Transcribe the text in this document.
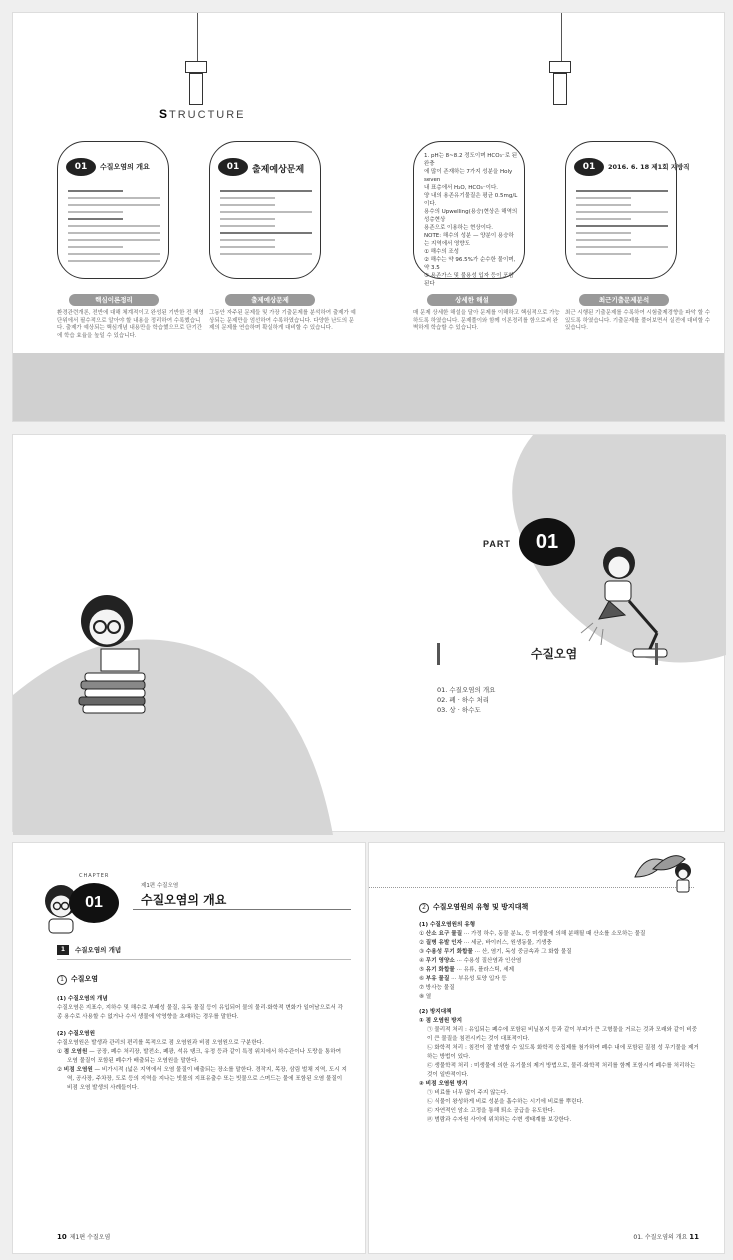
STRUCTURE
01	수질오염의 개요
핵심이론정리
환경관련개론, 전반에 대해 체계적이고 완성된 기반한 전 체영 단위에서 필수적으로 알아야 할 내용을 정리하여 수록했습니다. 출제가 예상되는 핵심개념 내용만을 학습했으므로 단기간에 학습 효율을 높일 수 있습니다.
01	출제예상문제
출제예상문제
그동안 자주된 문제들 및 가장 기출문제를 분석하여 출제가 예상되는 문제만을 엄선하여 수록하였습니다. 다양한 난도의 문제의 문제를 연습하며 확실하게 대비할 수 있습니다.
1. pH는 8~8.2 정도이며 HCO₃⁻로 된 완충
에 많이 존재하는 7가지 성분을 Holy seven
내 표층에서 H₂O, HCO₃⁻이다.
양 내의 용존유기물질은 평균 0.5mg/L이다.
용수의 Upwelling(용승)현상은 해역의 성층현상
용존으로 이용하는 현상이다.
NOTE: 해수의 성분 — 양분이 용승하는 지역에서 영향도
① 해수의 조성
② 해수는 약 96.5%가 순수한 물이며, 약 3.5
③ 용존가스 및 불용성 입자 등이 포함된다
상세한 해설
매 문제 상세한 해설을 달아 문제를 이해하고 핵심적으로 가능하도록 하였습니다. 문제풀이와 함께 이론정리를 함으로써 완벽하게 학습할 수 있습니다.
01	2016. 6. 18 제1회 지방직
최근기출문제분석
최근 시행된 기출문제를 수록하여 시험출제경향을 파악 할 수 있도록 하였습니다. 기출문제를 풀어보면서 실전에 대비할 수 있습니다.
PART	01
수질오염
01. 수질오염의 개요
02. 폐 · 하수 처리
03. 상 · 하수도
CHAPTER
01
제1편 수질오염
수질오염의 개요
1	수질오염의 개념
1 수질오염
(1) 수질오염의 개념
수질오염은 지표수, 지하수 및 해수로 부패성 물질, 유독 물질 등이 유입되어 물의 물리·화학적 변화가 일어남으로서 각종 용수로 사용할 수 없거나 수서 생물에 악영향을 초래하는 경우를 말한다.
(2) 수질오염원
수질오염원은 발생과 관리의 편리를 목적으로 점 오염원과 비점 오염원으로 구분한다.
① 점 오염원 — 공장, 폐수 처리장, 발전소, 폐광, 석유 탱크, 유정 등과 같이 특정 위치에서 하수관이나 도랑을 통하여 오염 물질이 포함된 폐수가 배출되는 오염원을 말한다.
② 비점 오염원 — 비가시적 (넓은 지역에서 오염 물질이 배출되는 장소를 말한다. 경작지, 목장, 삼림 벌채 지역, 도시 지역, 공사장, 주차장, 도로 등의 지역을 지나는 빗물의 지표유출수 또는 빗물으로 스며드는 물에 포함된 오염 물질이 비점 오염 발생의 사례들이다.
10 제1편 수질오염
2 수질오염원의 유형 및 방지대책
(1) 수질오염원의 유형
① 산소 요구 물질 ··· 가정 하수, 동물 분뇨, 등 미생물에 의해 분해될 때 산소를 소모하는 물질
② 질병 유발 인자 ··· 세균, 바이러스, 원생동물, 기생충
③ 수용성 무기 화합물 ··· 산, 염기, 독성 중금속과 그 화합 물질
④ 무기 영양소 ··· 수용성 질산염과 인산염
⑤ 유기 화합물 ··· 유류, 플라스틱, 세제
⑥ 부유 물질 ··· 부유성 토양 입자 등
⑦ 방사능 물질
⑧ 열
(2) 방지대책
① 점 오염원 방지
㉠ 물리적 처리 : 유입되는 폐수에 포함된 비닐봉지 등과 같이 부피가 큰 고형물을 거르는 것과 모래와 같이 비중이 큰 물질을 침전시키는 것이 대표적이다.
㉡ 화학적 처리 : 침전이 잘 발생할 수 있도록 화학적 응집제를 첨가하여 폐수 내에 포함된 질점 성 무기물을 제거하는 방법이 있다.
㉢ 생물학적 처리 : 미생물에 의한 유기물의 제거 방법으로, 물리·화학적 처리를 함께 포함시켜 폐수를 처리하는 것이 일반적이다.
② 비점 오염원 방지
㉠ 비료를 너무 많이 주지 않는다.
㉡ 식물이 왕성하게 비료 성분을 흡수하는 시기에 비료를 뿌린다.
㉢ 자연적인 암소 고정을 통해 퇴소 공급을 유도한다.
㉣ 범람과 수자원 사이에 위치하는 수변 생태계를 보강한다.
01. 수질오염의 개요 11
